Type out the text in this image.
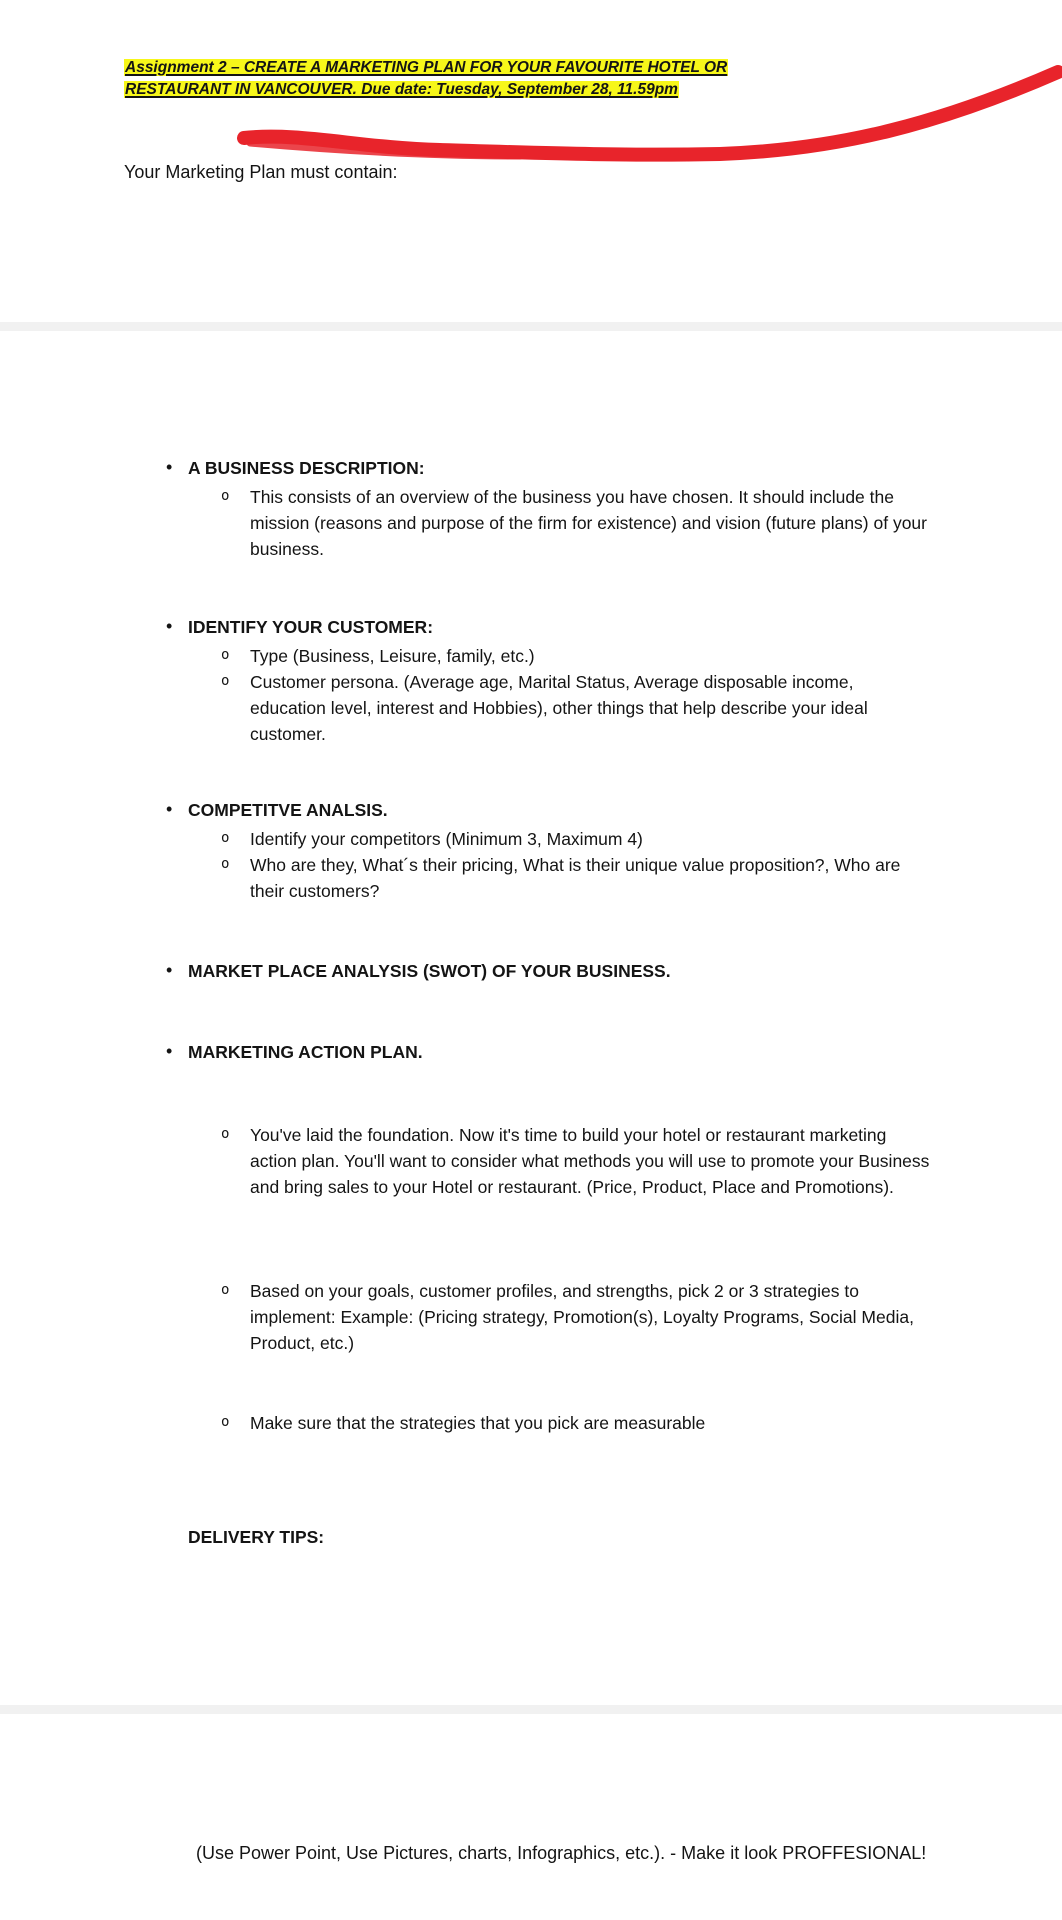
Assignment 2 – CREATE A MARKETING PLAN FOR YOUR FAVOURITE HOTEL OR
RESTAURANT IN VANCOUVER. Due date: Tuesday, September 28, 11.59pm

Your Marketing Plan must contain:

• A BUSINESS DESCRIPTION:

o This consists of an overview of the business you have chosen. It should include the mission (reasons and purpose of the firm for existence) and vision (future plans) of your business.

• IDENTIFY YOUR CUSTOMER:

o Type (Business, Leisure, family, etc.)

o Customer persona. (Average age, Marital Status, Average disposable income, education level, interest and Hobbies), other things that help describe your ideal customer.

• COMPETITVE ANALSIS.

o Identify your competitors (Minimum 3, Maximum 4)

o Who are they, What´s their pricing, What is their unique value proposition?, Who are their customers?

• MARKET PLACE ANALYSIS (SWOT) OF YOUR BUSINESS.

• MARKETING ACTION PLAN.

o You've laid the foundation. Now it's time to build your hotel or restaurant marketing action plan. You'll want to consider what methods you will use to promote your Business and bring sales to your Hotel or restaurant. (Price, Product, Place and Promotions).

o Based on your goals, customer profiles, and strengths, pick 2 or 3 strategies to implement: Example: (Pricing strategy, Promotion(s), Loyalty Programs, Social Media, Product, etc.)

o Make sure that the strategies that you pick are measurable

DELIVERY TIPS:

(Use Power Point, Use Pictures, charts, Infographics, etc.). - Make it look PROFFESIONAL!
